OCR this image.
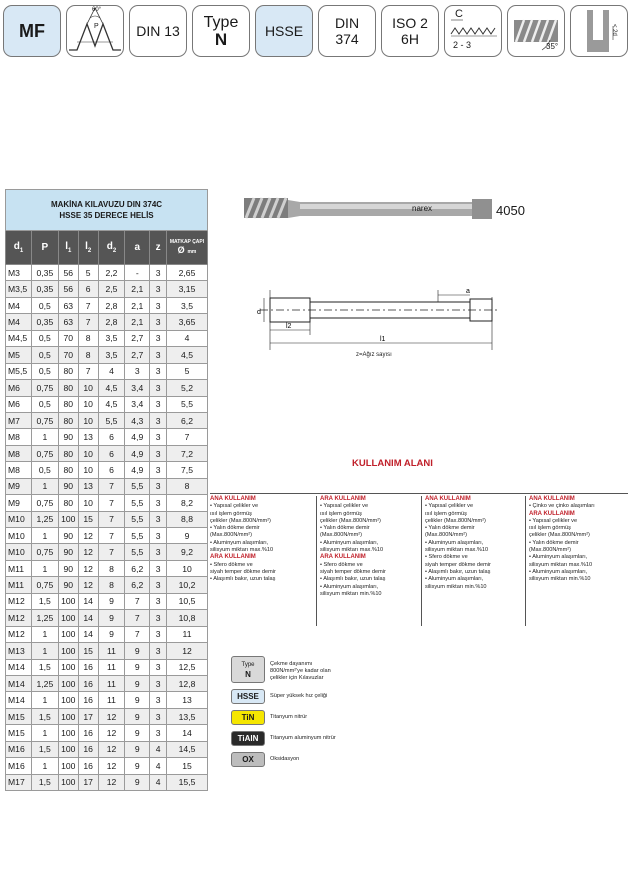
MF
60°
P	DIN 13
Type
N	HSSE DIN
374
ISO 2
6H
C
2 - 3	35°
< 2d
MAKİNA KILAVUZU DIN 374C
HSSE 35 DERECE HELİS							
$d_1$	P	$l_1$	$l_2$	$d_2$	a	z	MATKAP ÇAPI
Ø mm
M3	0,35	56	5	2,2	-	3	2,65
M3,5	0,35	56	6	2,5	2,1	3	3,15
M4	0,5	63	7	2,8	2,1	3	3,5
M4	0,35	63	7	2,8	2,1	3	3,65
M4,5	0,5	70	8	3,5	2,7	3	4
M5	0,5	70	8	3,5	2,7	3	4,5
M5,5	0,5	80	7	4	3	3	5
M6	0,75	80	10	4,5	3,4	3	5,2
M6	0,5	80	10	4,5	3,4	3	5,5
M7	0,75	80	10	5,5	4,3	3	6,2
M8	1	90	13	6	4,9	3	7
M8	0,75	80	10	6	4,9	3	7,2
M8	0,5	80	10	6	4,9	3	7,5
M9	1	90	13	7	5,5	3	8
M9	0,75	80	10	7	5,5	3	8,2
M10	1,25	100	15	7	5,5	3	8,8
M10	1	90	12	7	5,5	3	9
M10	0,75	90	12	7	5,5	3	9,2
M11	1	90	12	8	6,2	3	10
M11	0,75	90	12	8	6,2	3	10,2
M12	1,5	100	14	9	7	3	10,5
M12	1,25	100	14	9	7	3	10,8
M12	1	100	14	9	7	3	11
M13	1	100	15	11	9	3	12
M14	1,5	100	16	11	9	3	12,5
M14	1,25	100	16	11	9	3	12,8
M14	1	100	16	11	9	3	13
M15	1,5	100	17	12	9	3	13,5
M15	1	100	16	12	9	3	14
M16	1,5	100	16	12	9	4	14,5
M16	1	100	16	12	9	4	15
M17	1,5	100	17	12	9	4	15,5
narex
d
l2
l1
a
4050
z=Ağız sayısı
KULLANIM ALANI
ANA KULLANIM
• Yapısal çelikler ve
ısıl işlem görmüş
çelikler (Max.800N/mm²)
• Yalın dökme demir
(Max.800N/mm²)
• Aluminyum alaşımları,
silisyum miktarı max.%10
ARA KULLANIM
• Sfero dökme ve
siyah temper dökme demir
• Alaşımlı bakır, uzun talaş
ARA KULLANIM
• Yapısal çelikler ve
ısıl işlem görmüş
çelikler (Max.800N/mm²)
• Yalın dökme demir
(Max.800N/mm²)
• Aluminyum alaşımları,
silisyum miktarı max.%10
ARA KULLANIM
• Sfero dökme ve
siyah temper dökme demir
• Alaşımlı bakır, uzun talaş
• Aluminyum alaşımları,
silisyum miktarı min.%10
ANA KULLANIM
• Yapısal çelikler ve
ısıl işlem görmüş
çelikler (Max.800N/mm²)
• Yalın dökme demir
(Max.800N/mm²)
• Aluminyum alaşımları,
silisyum miktarı max.%10
• Sfero dökme ve
siyah temper dökme demir
• Alaşımlı bakır, uzun talaş
• Aluminyum alaşımları,
silisyum miktarı min.%10
ANA KULLANIM
• Çinko ve çinko alaşımları
ARA KULLANIM
• Yapısal çelikler ve
ısıl işlem görmüş
çelikler (Max.800N/mm²)
• Yalın dökme demir
(Max.800N/mm²)
• Aluminyum alaşımları,
silisyum miktarı max.%10
• Aluminyum alaşımları,
silisyum miktarı min.%10
Type
N
Çekme dayanımı 800N/mm²'ye kadar olan çelikler için Kılavuzlar
HSSE Süper yüksek hız çeliği
TiN	Titanyum nitrür
TiAlN Titanyum aluminyum nitrür
OX	Oksidasyon
